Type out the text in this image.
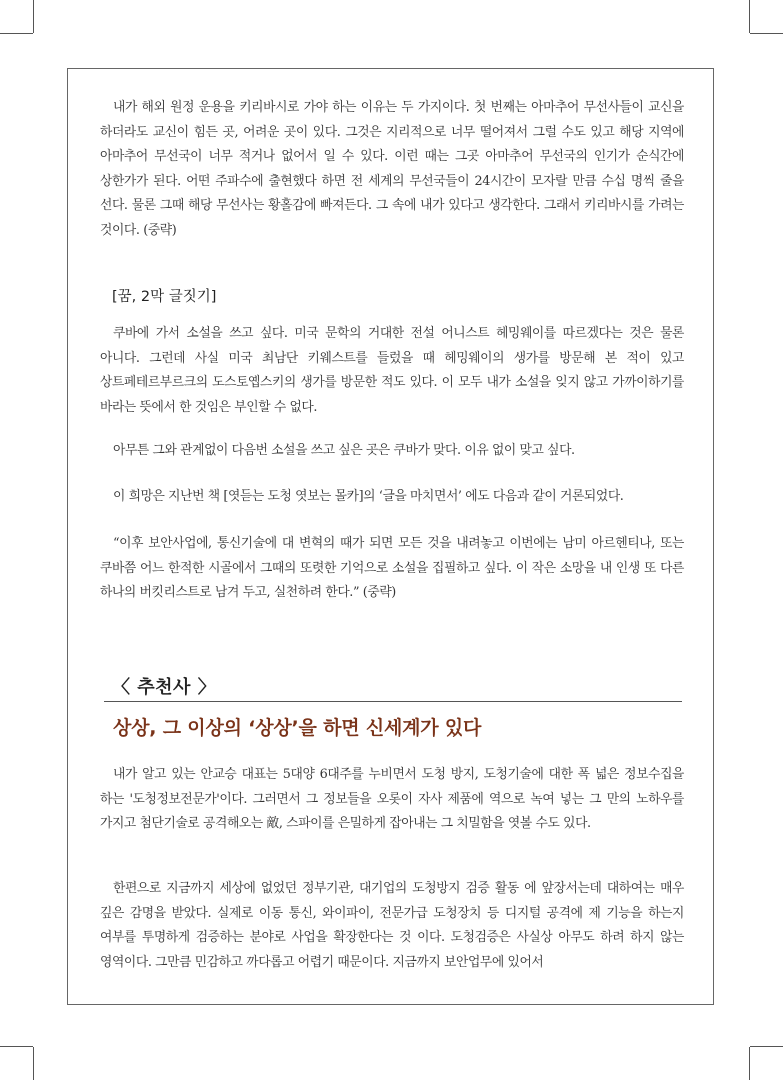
내가 해외 원정 운용을 키리바시로 가야 하는 이유는 두 가지이다. 첫 번째는 아마추어 무선사들이 교신을 하더라도 교신이 힘든 곳, 어려운 곳이 있다. 그것은 지리적으로 너무 떨어져서 그럴 수도 있고 해당 지역에 아마추어 무선국이 너무 적거나 없어서 일 수 있다. 이런 때는 그곳 아마추어 무선국의 인기가 순식간에 상한가가 된다. 어떤 주파수에 출현했다 하면 전 세계의 무선국들이 24시간이 모자랄 만큼 수십 명씩 줄을 선다. 물론 그때 해당 무선사는 황홀감에 빠져든다. 그 속에 내가 있다고 생각한다. 그래서 키리바시를 가려는 것이다. (중략)

[꿈, 2막 글짓기]

쿠바에 가서 소설을 쓰고 싶다. 미국 문학의 거대한 전설 어니스트 헤밍웨이를 따르겠다는 것은 물론 아니다. 그런데 사실 미국 최남단 키웨스트를 들렀을 때 헤밍웨이의 생가를 방문해 본 적이 있고 상트페테르부르크의 도스토옙스키의 생가를 방문한 적도 있다. 이 모두 내가 소설을 잊지 않고 가까이하기를 바라는 뜻에서 한 것임은 부인할 수 없다.

아무튼 그와 관계없이 다음번 소설을 쓰고 싶은 곳은 쿠바가 맞다. 이유 없이 맞고 싶다.

이 희망은 지난번 책 [엿듣는 도청 엿보는 몰카]의 ‘글을 마치면서’ 에도 다음과 같이 거론되었다.

“이후 보안사업에, 통신기술에 대 변혁의 때가 되면 모든 것을 내려놓고 이번에는 남미 아르헨티나, 또는 쿠바쯤 어느 한적한 시골에서 그때의 또렷한 기억으로 소설을 집필하고 싶다. 이 작은 소망을 내 인생 또 다른 하나의 버킷리스트로 남겨 두고, 실천하려 한다.” (중략)

〈 추천사 〉
상상, 그 이상의 ‘상상’을 하면 신세계가 있다

내가 알고 있는 안교승 대표는 5대양 6대주를 누비면서 도청 방지, 도청기술에 대한 폭 넓은 정보수집을 하는 '도청정보전문가'이다. 그러면서 그 정보들을 오롯이 자사 제품에 역으로 녹여 넣는 그 만의 노하우를 가지고 첨단기술로 공격해오는 敵, 스파이를 은밀하게 잡아내는 그 치밀함을 엿볼 수도 있다.

한편으로 지금까지 세상에 없었던 정부기관, 대기업의 도청방지 검증 활동 에 앞장서는데 대하여는 매우 깊은 감명을 받았다. 실제로 이동 통신, 와이파이, 전문가급 도청장치 등 디지털 공격에 제 기능을 하는지 여부를 투명하게 검증하는 분야로 사업을 확장한다는 것 이다. 도청검증은 사실상 아무도 하려 하지 않는 영역이다. 그만큼 민감하고 까다롭고 어렵기 때문이다. 지금까지 보안업무에 있어서
